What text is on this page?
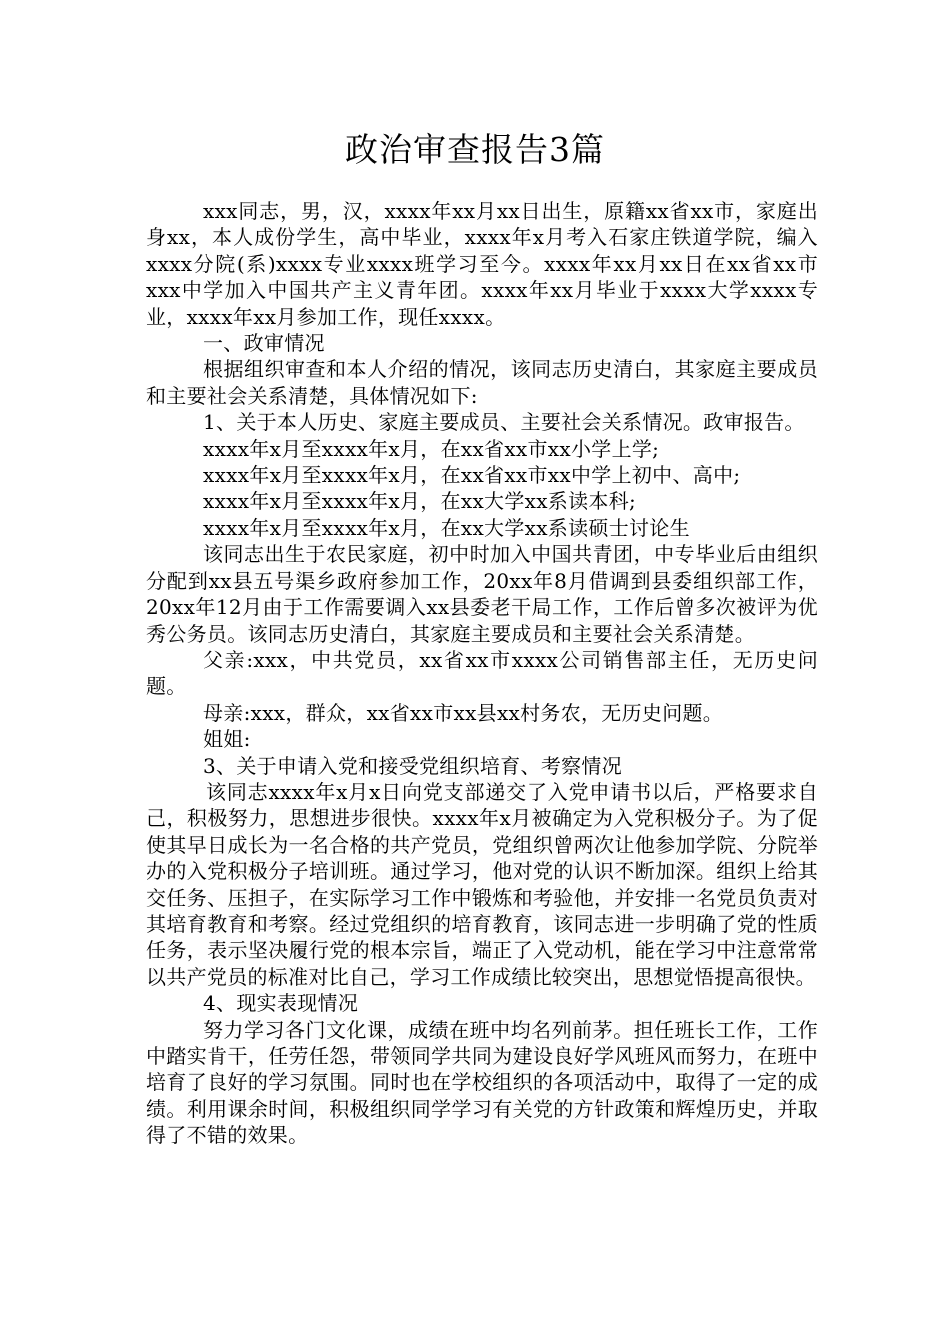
政治审查报告3篇

xxx同志，男，汉，xxxx年xx月xx日出生，原籍xx省xx市，家庭出身xx，本人成份学生，高中毕业，xxxx年x月考入石家庄铁道学院，编入xxxx分院(系)xxxx专业xxxx班学习至今。xxxx年xx月xx日在xx省xx市xxx中学加入中国共产主义青年团。xxxx年xx月毕业于xxxx大学xxxx专业，xxxx年xx月参加工作，现任xxxx。

一、政审情况

根据组织审查和本人介绍的情况，该同志历史清白，其家庭主要成员和主要社会关系清楚，具体情况如下:

1、关于本人历史、家庭主要成员、主要社会关系情况。政审报告。

xxxx年x月至xxxx年x月，在xx省xx市xx小学上学;

xxxx年x月至xxxx年x月，在xx省xx市xx中学上初中、高中;

xxxx年x月至xxxx年x月，在xx大学xx系读本科;

xxxx年x月至xxxx年x月，在xx大学xx系读硕士讨论生

该同志出生于农民家庭，初中时加入中国共青团，中专毕业后由组织分配到xx县五号渠乡政府参加工作，20xx年8月借调到县委组织部工作，20xx年12月由于工作需要调入xx县委老干局工作，工作后曾多次被评为优秀公务员。该同志历史清白，其家庭主要成员和主要社会关系清楚。

父亲:xxx，中共党员，xx省xx市xxxx公司销售部主任，无历史问题。

母亲:xxx，群众，xx省xx市xx县xx村务农，无历史问题。

姐姐:

3、关于申请入党和接受党组织培育、考察情况

该同志xxxx年x月x日向党支部递交了入党申请书以后，严格要求自己，积极努力，思想进步很快。xxxx年x月被确定为入党积极分子。为了促使其早日成长为一名合格的共产党员，党组织曾两次让他参加学院、分院举办的入党积极分子培训班。通过学习，他对党的认识不断加深。组织上给其交任务、压担子，在实际学习工作中锻炼和考验他，并安排一名党员负责对其培育教育和考察。经过党组织的培育教育，该同志进一步明确了党的性质任务，表示坚决履行党的根本宗旨，端正了入党动机，能在学习中注意常常以共产党员的标准对比自己，学习工作成绩比较突出，思想觉悟提高很快。

4、现实表现情况

努力学习各门文化课，成绩在班中均名列前茅。担任班长工作，工作中踏实肯干，任劳任怨，带领同学共同为建设良好学风班风而努力，在班中培育了良好的学习氛围。同时也在学校组织的各项活动中，取得了一定的成绩。利用课余时间，积极组织同学学习有关党的方针政策和辉煌历史，并取得了不错的效果。
